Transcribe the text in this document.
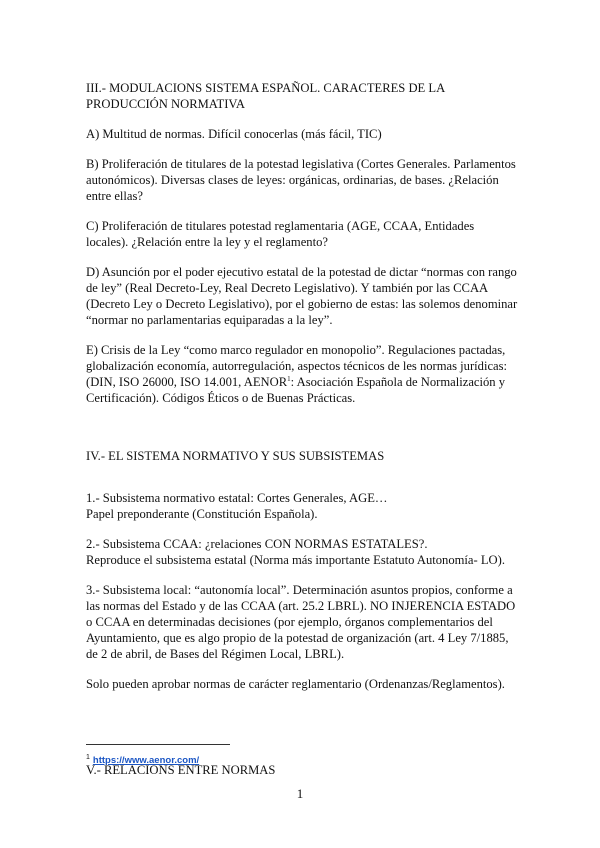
III.- MODULACIONS SISTEMA ESPAÑOL. CARACTERES DE LA PRODUCCIÓN NORMATIVA

A) Multitud de normas. Difícil conocerlas (más fácil, TIC)

B) Proliferación de titulares de la potestad legislativa (Cortes Generales. Parlamentos autonómicos). Diversas clases de leyes: orgánicas, ordinarias, de bases. ¿Relación entre ellas?

C) Proliferación de titulares potestad reglamentaria (AGE, CCAA, Entidades locales). ¿Relación entre la ley y el reglamento?

D) Asunción por el poder ejecutivo estatal de la potestad de dictar “normas con rango de ley” (Real Decreto-Ley, Real Decreto Legislativo). Y también por las CCAA (Decreto Ley o Decreto Legislativo), por el gobierno de estas: las solemos denominar “normar no parlamentarias equiparadas a la ley”.

E) Crisis de la Ley “como marco regulador en monopolio”. Regulaciones pactadas, globalización economía, autorregulación, aspectos técnicos de les normas jurídicas: (DIN, ISO 26000, ISO 14.001, AENOR$^1$: Asociación Española de Normalización y Certificación). Códigos Éticos o de Buenas Prácticas.

IV.- EL SISTEMA NORMATIVO Y SUS SUBSISTEMAS

1.- Subsistema normativo estatal: Cortes Generales, AGE…

Papel preponderante (Constitución Española).

2.- Subsistema CCAA: ¿relaciones CON NORMAS ESTATALES?.

Reproduce el subsistema estatal (Norma más importante Estatuto Autonomía- LO).

3.- Subsistema local: “autonomía local”. Determinación asuntos propios, conforme a las normas del Estado y de las CCAA (art. 25.2 LBRL). NO INJERENCIA ESTADO o CCAA en determinadas decisiones (por ejemplo, órganos complementarios del Ayuntamiento, que es algo propio de la potestad de organización (art. 4 Ley 7/1885, de 2 de abril, de Bases del Régimen Local, LBRL).

Solo pueden aprobar normas de carácter reglamentario (Ordenanzas/Reglamentos).

V.- RELACIONS ENTRE NORMAS

$^1$ https://www.aenor.com/
1
